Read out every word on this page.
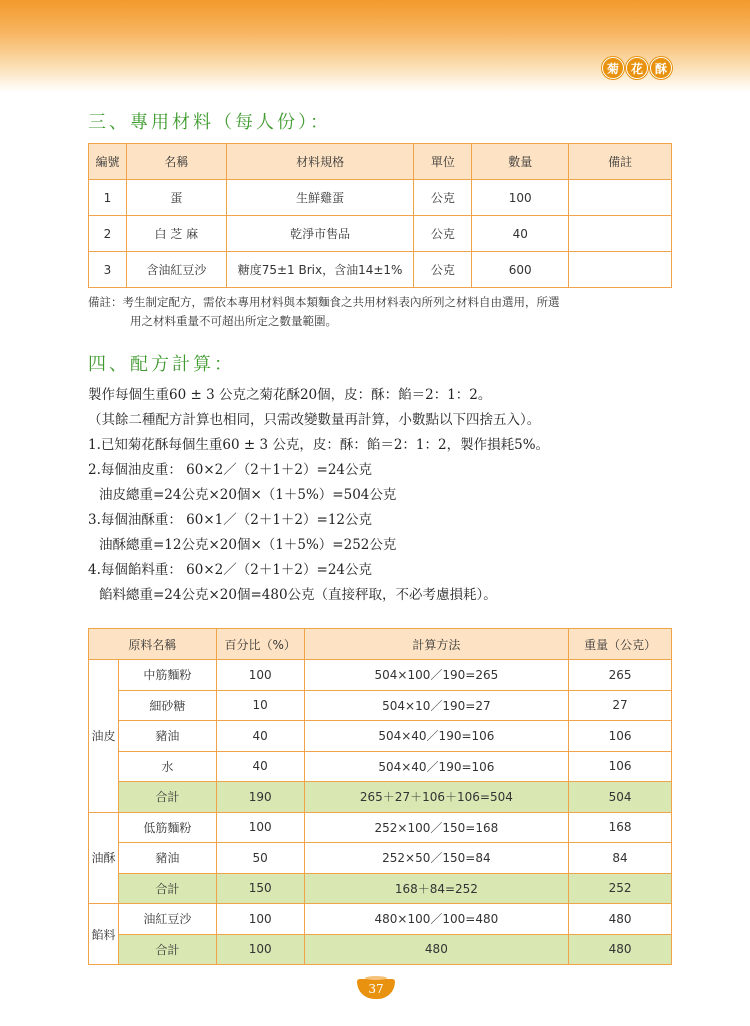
菊 花 酥
三、專用材料（每人份）：
編號	名稱	材料規格	單位	數量	備註
1	蛋	生鮮雞蛋	公克	100	
2	白 芝 麻	乾淨市售品	公克	40	
3	含油紅豆沙	糖度75±1 Brix，含油14±1%	公克	600	
備註：考生制定配方，需依本專用材料與本類麵食之共用材料表內所列之材料自由選用，所選
用之材料重量不可超出所定之數量範圍。
四、配方計算：
製作每個生重60 ± 3 公克之菊花酥20個，皮：酥：餡＝2：1：2。
（其餘二種配方計算也相同，只需改變數量再計算，小數點以下四捨五入）。
1.已知菊花酥每個生重60 ± 3 公克，皮：酥：餡＝2：1：2，製作損耗5%。
2.每個油皮重： 60×2／（2＋1＋2）=24公克
油皮總重=24公克×20個×（1＋5%）=504公克
3.每個油酥重： 60×1／（2＋1＋2）=12公克
油酥總重=12公克×20個×（1＋5%）=252公克
4.每個餡料重： 60×2／（2＋1＋2）=24公克
餡料總重=24公克×20個=480公克（直接秤取，不必考慮損耗）。
原料名稱		百分比（%）	計算方法	重量（公克）
油皮	中筋麵粉	100	504×100／190=265	265
	細砂糖	10	504×10／190=27	27
	豬油	40	504×40／190=106	106
	水	40	504×40／190=106	106
	合計	190	265＋27＋106＋106=504	504
油酥	低筋麵粉	100	252×100／150=168	168
	豬油	50	252×50／150=84	84
	合計	150	168＋84=252	252
餡料	油紅豆沙	100	480×100／100=480	480
	合計	100	480	480
37
